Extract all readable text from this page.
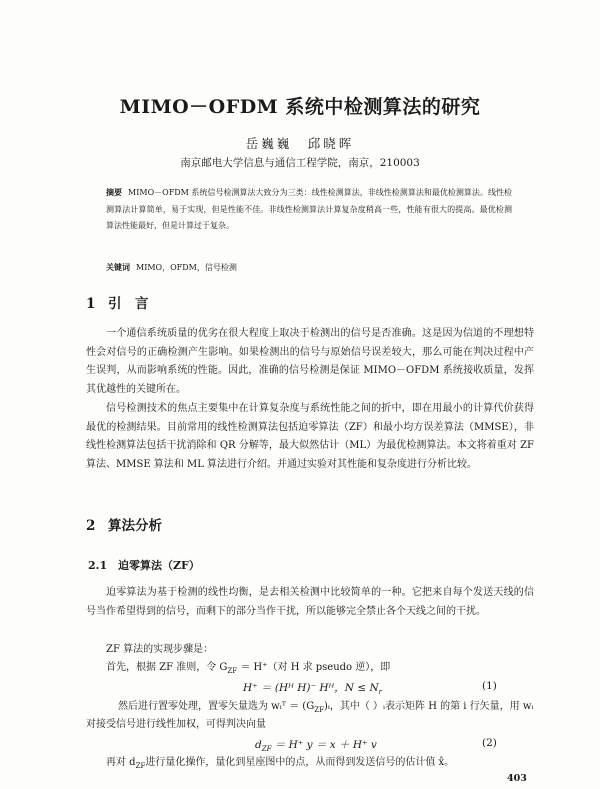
MIMO－OFDM 系统中检测算法的研究
岳巍巍　邱晓晖
南京邮电大学信息与通信工程学院，南京，210003
摘要 MIMO－OFDM 系统信号检测算法大致分为三类：线性检测算法，非线性检测算法和最优检测算法。线性检测算法计算简单，易于实现，但是性能不佳。非线性检测算法计算复杂度稍高一些，性能有很大的提高。最优检测算法性能最好，但是计算过于复杂。
关键词 MIMO，OFDM，信号检测
1 引　言

一个通信系统质量的优劣在很大程度上取决于检测出的信号是否准确。这是因为信道的不理想特性会对信号的正确检测产生影响。如果检测出的信号与原始信号误差较大，那么可能在判决过程中产生误判，从而影响系统的性能。因此，准确的信号检测是保证 MIMO－OFDM 系统接收质量，发挥其优越性的关键所在。

信号检测技术的焦点主要集中在计算复杂度与系统性能之间的折中，即在用最小的计算代价获得最优的检测结果。目前常用的线性检测算法包括迫零算法（ZF）和最小均方误差算法（MMSE），非线性检测算法包括干扰消除和 QR 分解等，最大似然估计（ML）为最优检测算法。本文将着重对 ZF 算法、MMSE 算法和 ML 算法进行介绍。并通过实验对其性能和复杂度进行分析比较。

2 算法分析
2.1 迫零算法（ZF）

迫零算法为基于检测的线性均衡，是去相关检测中比较简单的一种。它把来自每个发送天线的信号当作希望得到的信号，而剩下的部分当作干扰，所以能够完全禁止各个天线之间的干扰。

ZF 算法的实现步骤是：
首先，根据 ZF 准则，令 $G_{ZF} = H^+$（对 H 求 pseudo 逆），即
H⁺ ＝ (Hᴴ H)⁻ Hᴴ，$N \le N_r$
(1)
然后进行置零处理，置零矢量选为 wᵢᵀ ＝ $(G_{ZF})ᵢ$，其中（ ）ᵢ表示矩阵 H 的第 i 行矢量，用 wᵢ
对接受信号进行线性加权，可得判决向量
$d_{ZF} = H^+$ y ＝ x ＋ H⁺ v	(2)
再对 $d_{ZF}$进行量化操作，量化到星座图中的点，从而得到发送信号的估计值 x̂。
403
